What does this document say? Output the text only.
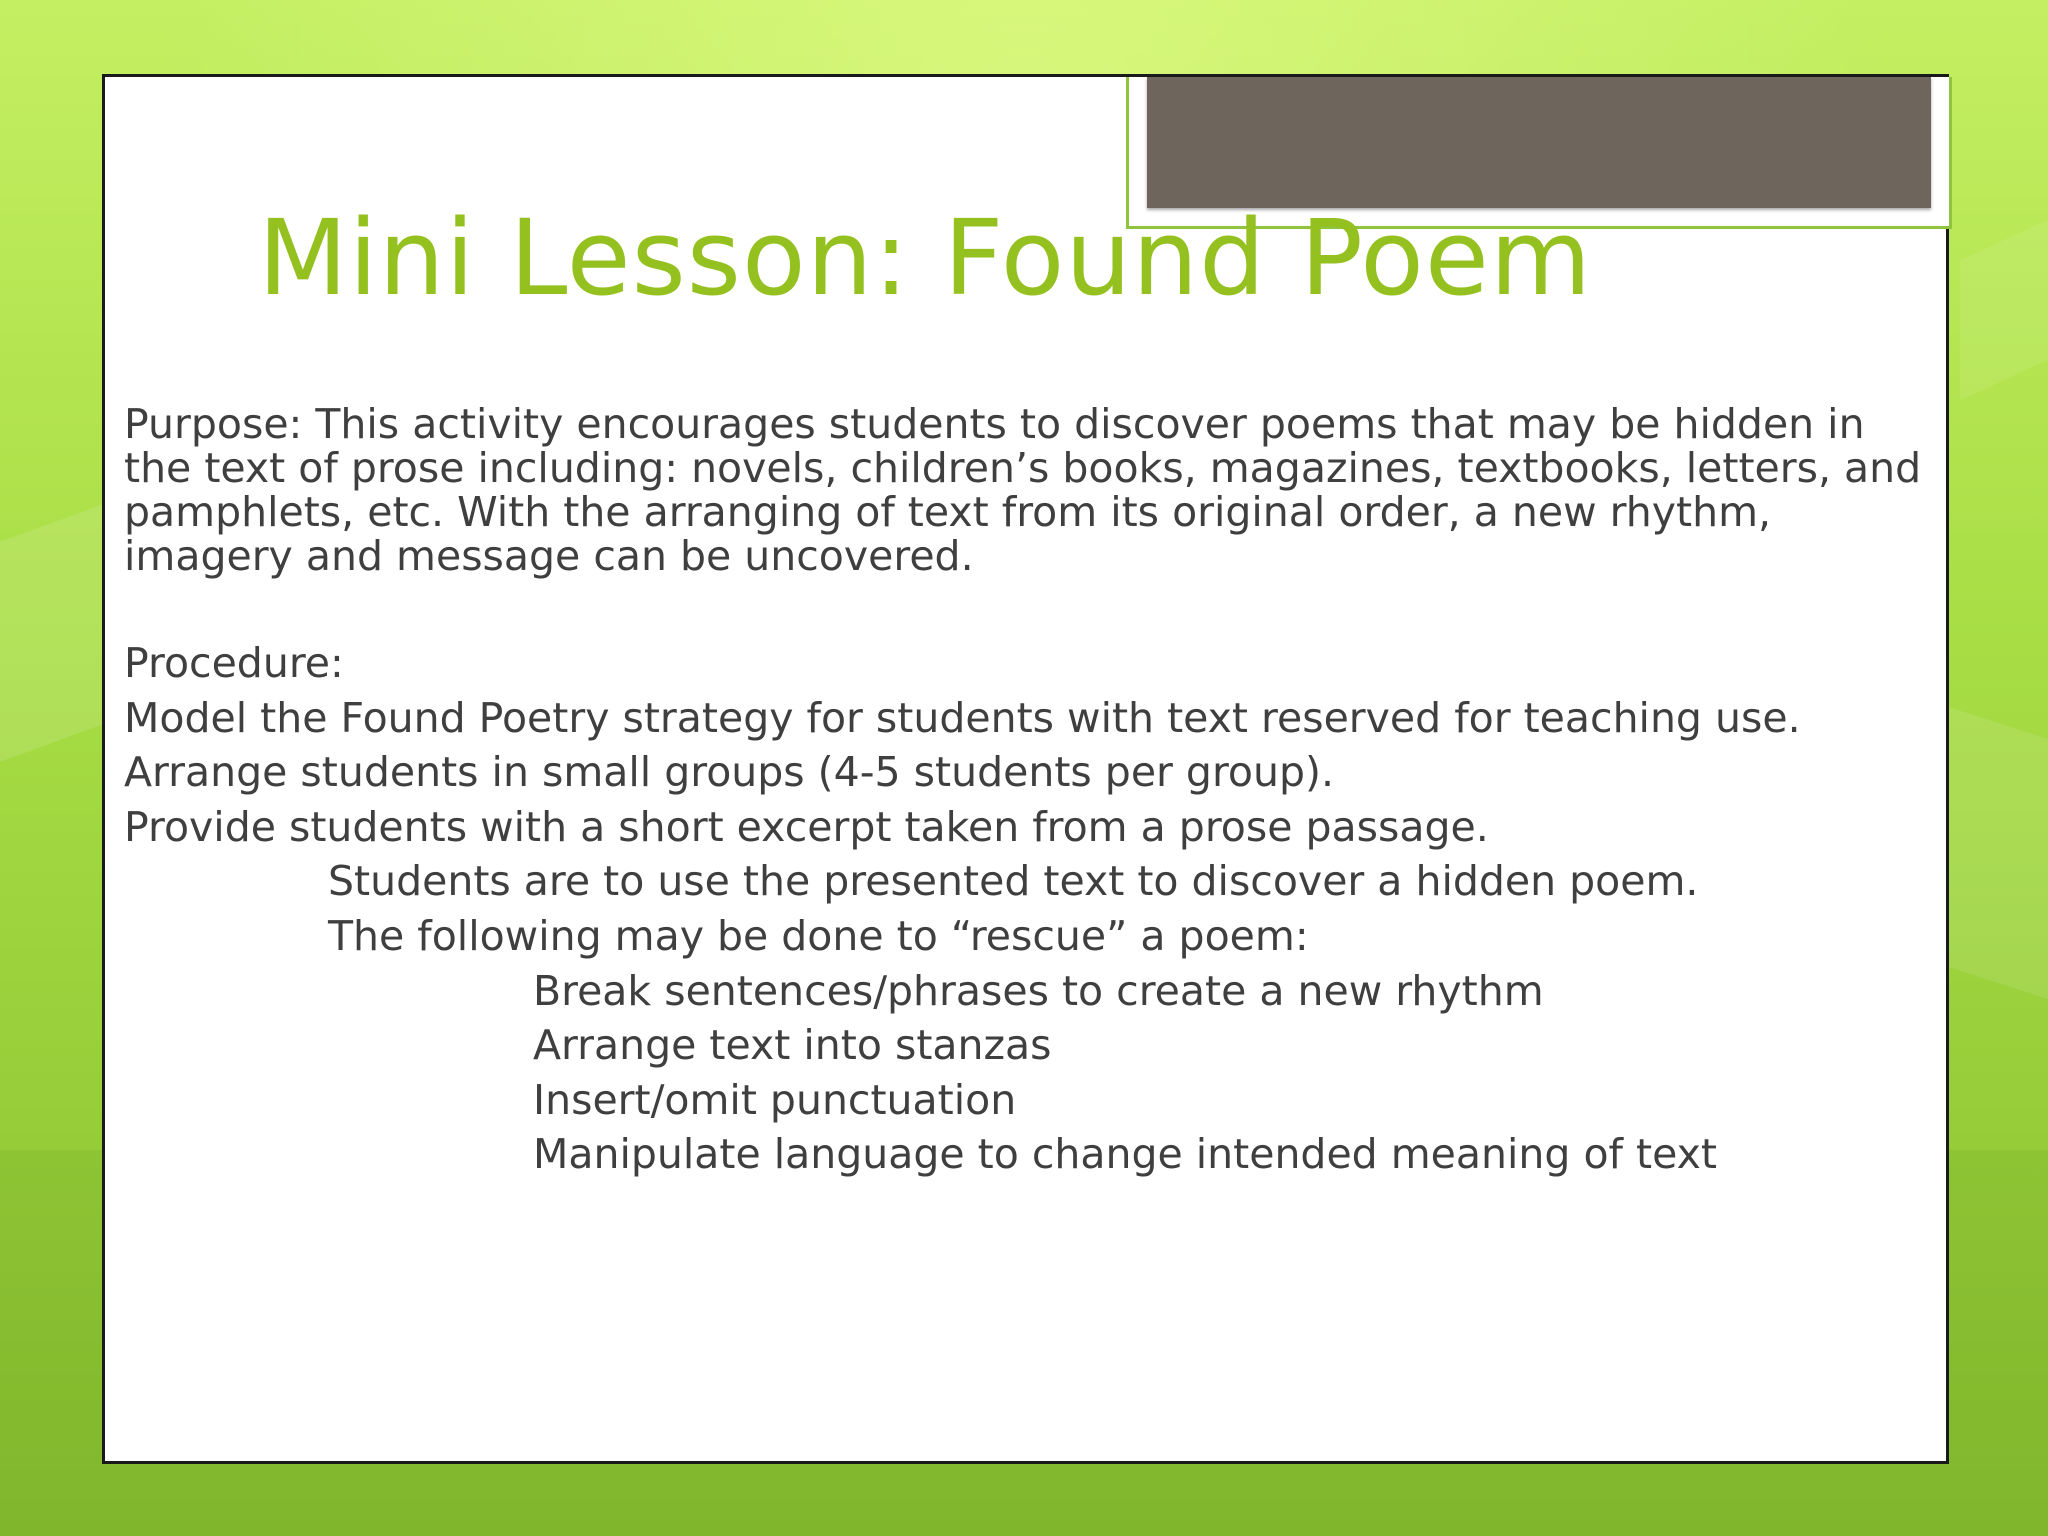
Mini Lesson: Found Poem

Purpose: This activity encourages students to discover poems that may be hidden in the text of prose including: novels, children’s books, magazines, textbooks, letters, and pamphlets, etc. With the arranging of text from its original order, a new rhythm, imagery and message can be uncovered.

Procedure:

Model the Found Poetry strategy for students with text reserved for teaching use.

Arrange students in small groups (4-5 students per group).

Provide students with a short excerpt taken from a prose passage.

Students are to use the presented text to discover a hidden poem.

The following may be done to “rescue” a poem:

Break sentences/phrases to create a new rhythm

Arrange text into stanzas

Insert/omit punctuation

Manipulate language to change intended meaning of text
